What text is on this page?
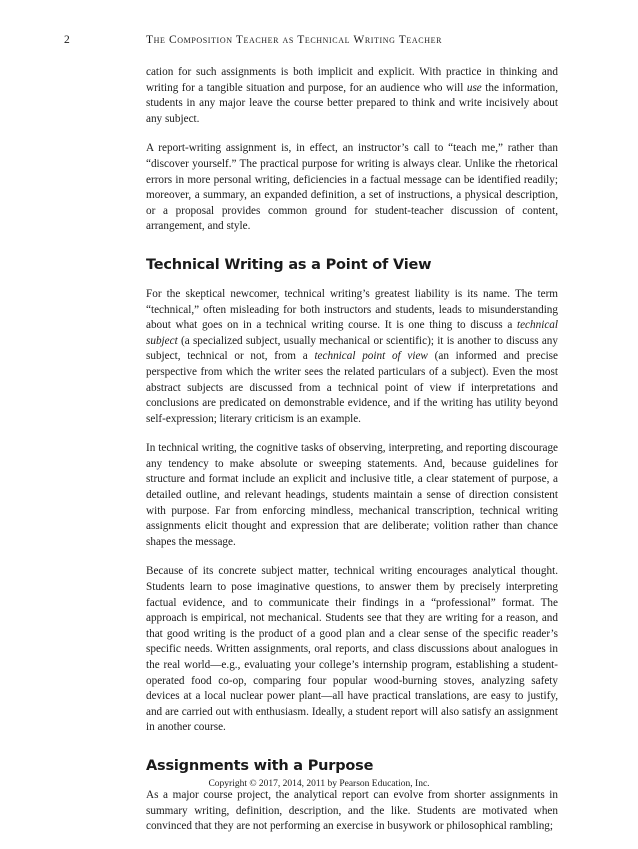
2	The Composition Teacher as Technical Writing Teacher

cation for such assignments is both implicit and explicit. With practice in thinking and writing for a tangible situation and purpose, for an audience who will use the information, students in any major leave the course better prepared to think and write incisively about any subject.

A report-writing assignment is, in effect, an instructor’s call to “teach me,” rather than “discover yourself.” The practical purpose for writing is always clear. Unlike the rhetorical errors in more personal writing, deficiencies in a factual message can be identified readily; moreover, a summary, an expanded definition, a set of instructions, a physical description, or a proposal provides common ground for student-teacher discussion of content, arrangement, and style.

Technical Writing as a Point of View

For the skeptical newcomer, technical writing’s greatest liability is its name. The term “technical,” often misleading for both instructors and students, leads to misunderstanding about what goes on in a technical writing course. It is one thing to discuss a technical subject (a specialized subject, usually mechanical or scientific); it is another to discuss any subject, technical or not, from a technical point of view (an informed and precise perspective from which the writer sees the related particulars of a subject). Even the most abstract subjects are discussed from a technical point of view if interpretations and conclusions are predicated on demonstrable evidence, and if the writing has utility beyond self-expression; literary criticism is an example.

In technical writing, the cognitive tasks of observing, interpreting, and reporting discourage any tendency to make absolute or sweeping statements. And, because guidelines for structure and format include an explicit and inclusive title, a clear statement of purpose, a detailed outline, and relevant headings, students maintain a sense of direction consistent with purpose. Far from enforcing mindless, mechanical transcription, technical writing assignments elicit thought and expression that are deliberate; volition rather than chance shapes the message.

Because of its concrete subject matter, technical writing encourages analytical thought. Students learn to pose imaginative questions, to answer them by precisely interpreting factual evidence, and to communicate their findings in a “professional” format. The approach is empirical, not mechanical. Students see that they are writing for a reason, and that good writing is the product of a good plan and a clear sense of the specific reader’s specific needs. Written assignments, oral reports, and class discussions about analogues in the real world—e.g., evaluating your college’s internship program, establishing a student-operated food co-op, comparing four popular wood-burning stoves, analyzing safety devices at a local nuclear power plant—all have practical translations, are easy to justify, and are carried out with enthusiasm. Ideally, a student report will also satisfy an assignment in another course.

Assignments with a Purpose

As a major course project, the analytical report can evolve from shorter assignments in summary writing, definition, description, and the like. Students are motivated when convinced that they are not performing an exercise in busywork or philosophical rambling;

Copyright © 2017, 2014, 2011 by Pearson Education, Inc.
